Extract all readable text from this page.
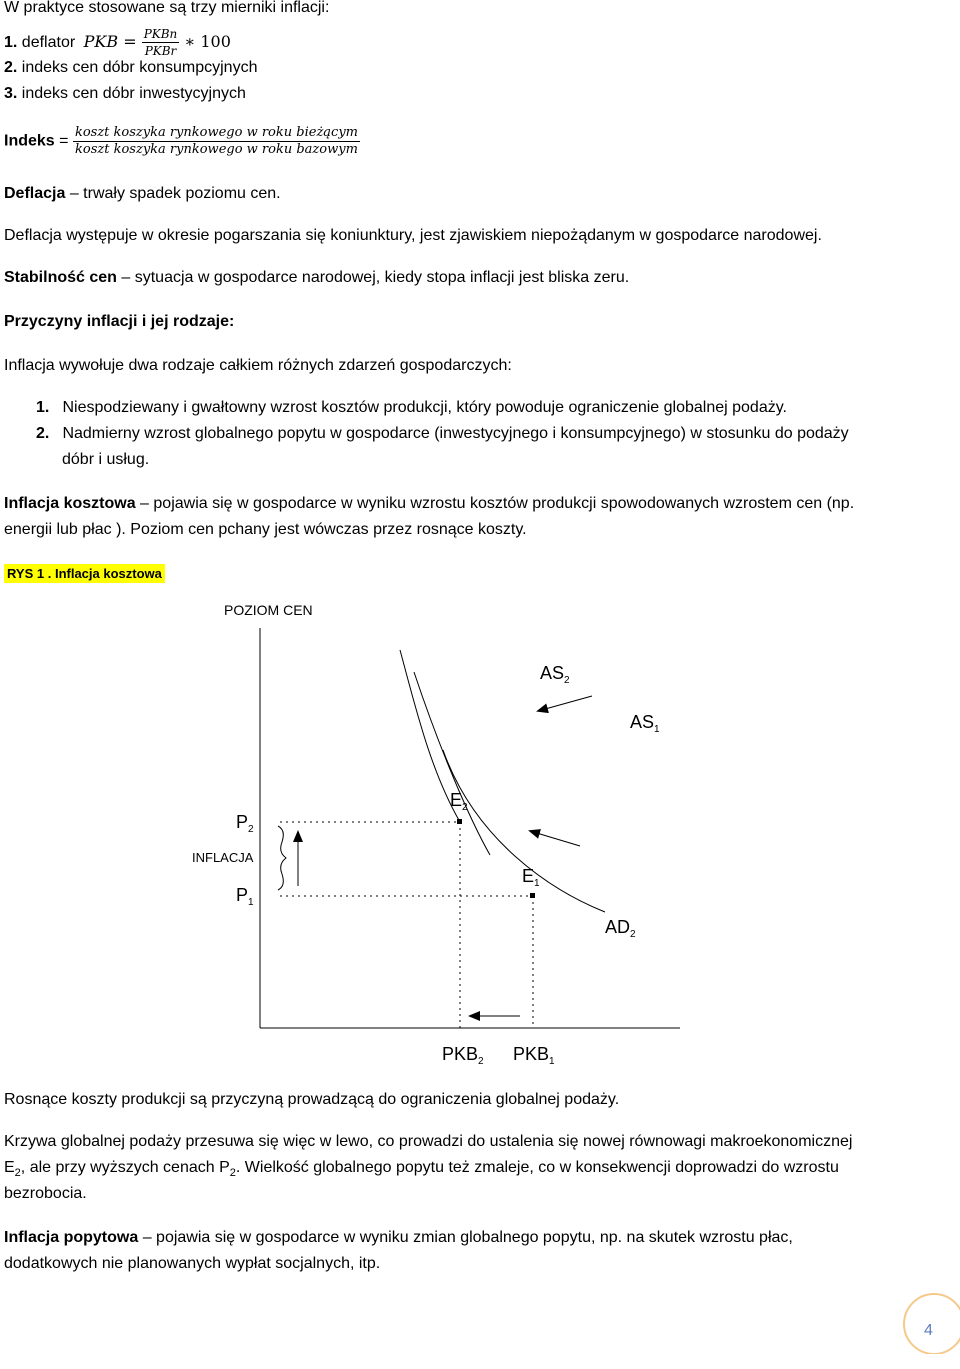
W praktyce stosowane są trzy mierniki inflacji:
1. deflator PKB = $\frac{\text{PKBn}}{\text{PKBr}}$ ∗ 100
2. indeks cen dóbr konsumpcyjnych
3. indeks cen dóbr inwestycyjnych
Indeks = $\frac{\text{koszt koszyka rynkowego w roku bieżącym}}{\text{koszt koszyka rynkowego w roku bazowym}}$
Deflacja – trwały spadek poziomu cen.
Deflacja występuje w okresie pogarszania się koniunktury, jest zjawiskiem niepożądanym w gospodarce narodowej.
Stabilność cen – sytuacja w gospodarce narodowej, kiedy stopa inflacji jest bliska zeru.
Przyczyny inflacji i jej rodzaje:
Inflacja wywołuje dwa rodzaje całkiem różnych zdarzeń gospodarczych:
1. Niespodziewany i gwałtowny wzrost kosztów produkcji, który powoduje ograniczenie globalnej podaży.
2. Nadmierny wzrost globalnego popytu w gospodarce (inwestycyjnego i konsumpcyjnego) w stosunku do podaży
dóbr i usług.
Inflacja kosztowa – pojawia się w gospodarce w wyniku wzrostu kosztów produkcji spowodowanych wzrostem cen (np.
energii lub płac ). Poziom cen pchany jest wówczas przez rosnące koszty.
RYS 1 . Inflacja kosztowa
POZIOM CEN
$AS_2$
$AS_1$
$E_2$
$E_1$
$AD_2$
$P_2$
$P_1$
INFLACJA
$PKB_2$ $PKB_1$
Rosnące koszty produkcji są przyczyną prowadzącą do ograniczenia globalnej podaży.
Krzywa globalnej podaży przesuwa się więc w lewo, co prowadzi do ustalenia się nowej równowagi makroekonomicznej
$E_2$, ale przy wyższych cenach $P_2$. Wielkość globalnego popytu też zmaleje, co w konsekwencji doprowadzi do wzrostu
bezrobocia.
Inflacja popytowa – pojawia się w gospodarce w wyniku zmian globalnego popytu, np. na skutek wzrostu płac,
dodatkowych nie planowanych wypłat socjalnych, itp.
4
